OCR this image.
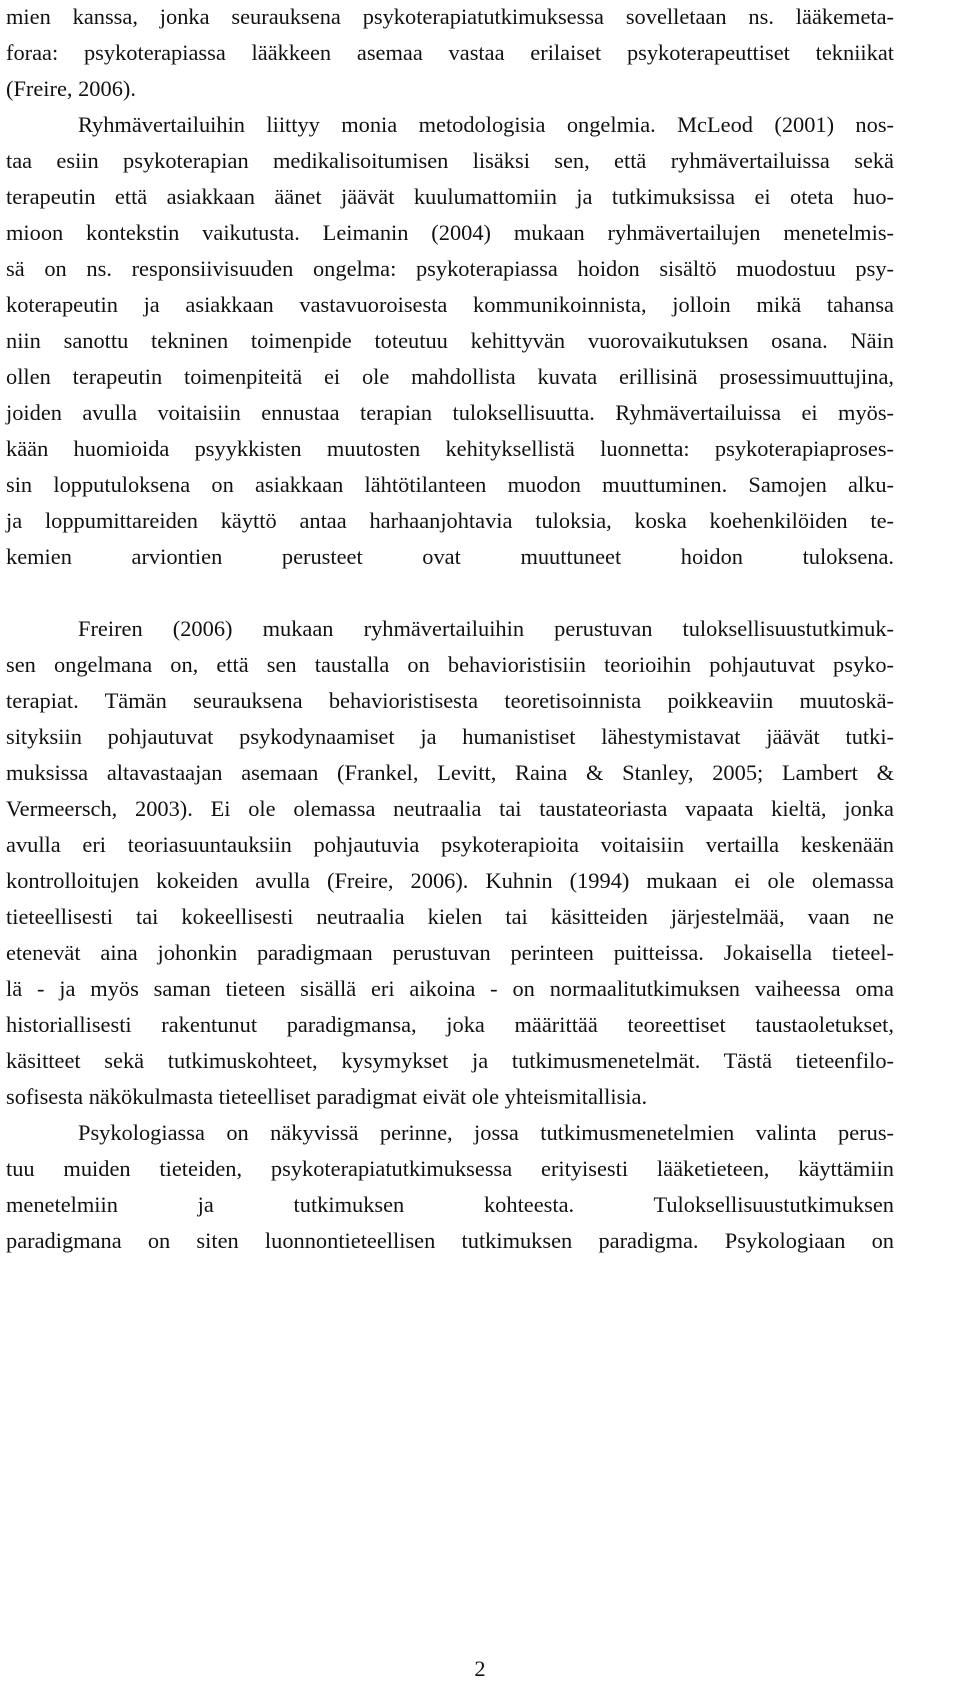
mien kanssa, jonka seurauksena psykoterapiatutkimuksessa sovelletaan ns. lääkemeta-
foraa: psykoterapiassa lääkkeen asemaa vastaa erilaiset psykoterapeuttiset tekniikat
(Freire, 2006).
Ryhmävertailuihin liittyy monia metodologisia ongelmia. McLeod (2001) nos-
taa esiin psykoterapian medikalisoitumisen lisäksi sen, että ryhmävertailuissa sekä
terapeutin että asiakkaan äänet jäävät kuulumattomiin ja tutkimuksissa ei oteta huo-
mioon kontekstin vaikutusta. Leimanin (2004) mukaan ryhmävertailujen menetelmis-
sä on ns. responsiivisuuden ongelma: psykoterapiassa hoidon sisältö muodostuu psy-
koterapeutin ja asiakkaan vastavuoroisesta kommunikoinnista, jolloin mikä tahansa
niin sanottu tekninen toimenpide toteutuu kehittyvän vuorovaikutuksen osana. Näin
ollen terapeutin toimenpiteitä ei ole mahdollista kuvata erillisinä prosessimuuttujina,
joiden avulla voitaisiin ennustaa terapian tuloksellisuutta. Ryhmävertailuissa ei myös-
kään huomioida psyykkisten muutosten kehityksellistä luonnetta: psykoterapiaproses-
sin lopputuloksena on asiakkaan lähtötilanteen muodon muuttuminen. Samojen alku-
ja loppumittareiden käyttö antaa harhaanjohtavia tuloksia, koska koehenkilöiden te-
kemien arviontien perusteet ovat muuttuneet hoidon tuloksena.
Freiren (2006) mukaan ryhmävertailuihin perustuvan tuloksellisuustutkimuk-
sen ongelmana on, että sen taustalla on behavioristisiin teorioihin pohjautuvat psyko-
terapiat. Tämän seurauksena behavioristisesta teoretisoinnista poikkeaviin muutoskä-
sityksiin pohjautuvat psykodynaamiset ja humanistiset lähestymistavat jäävät tutki-
muksissa altavastaajan asemaan (Frankel, Levitt, Raina & Stanley, 2005; Lambert &
Vermeersch, 2003). Ei ole olemassa neutraalia tai taustateoriasta vapaata kieltä, jonka
avulla eri teoriasuuntauksiin pohjautuvia psykoterapioita voitaisiin vertailla keskenään
kontrolloitujen kokeiden avulla (Freire, 2006). Kuhnin (1994) mukaan ei ole olemassa
tieteellisesti tai kokeellisesti neutraalia kielen tai käsitteiden järjestelmää, vaan ne
etenevät aina johonkin paradigmaan perustuvan perinteen puitteissa. Jokaisella tieteel-
lä - ja myös saman tieteen sisällä eri aikoina - on normaalitutkimuksen vaiheessa oma
historiallisesti rakentunut paradigmansa, joka määrittää teoreettiset taustaoletukset,
käsitteet sekä tutkimuskohteet, kysymykset ja tutkimusmenetelmät. Tästä tieteenfilo-
sofisesta näkökulmasta tieteelliset paradigmat eivät ole yhteismitallisia.
Psykologiassa on näkyvissä perinne, jossa tutkimusmenetelmien valinta perus-
tuu muiden tieteiden, psykoterapiatutkimuksessa erityisesti lääketieteen, käyttämiin
menetelmiin ja tutkimuksen kohteesta. Tuloksellisuustutkimuksen
paradigmana on siten luonnontieteellisen tutkimuksen paradigma. Psykologiaan on
2
